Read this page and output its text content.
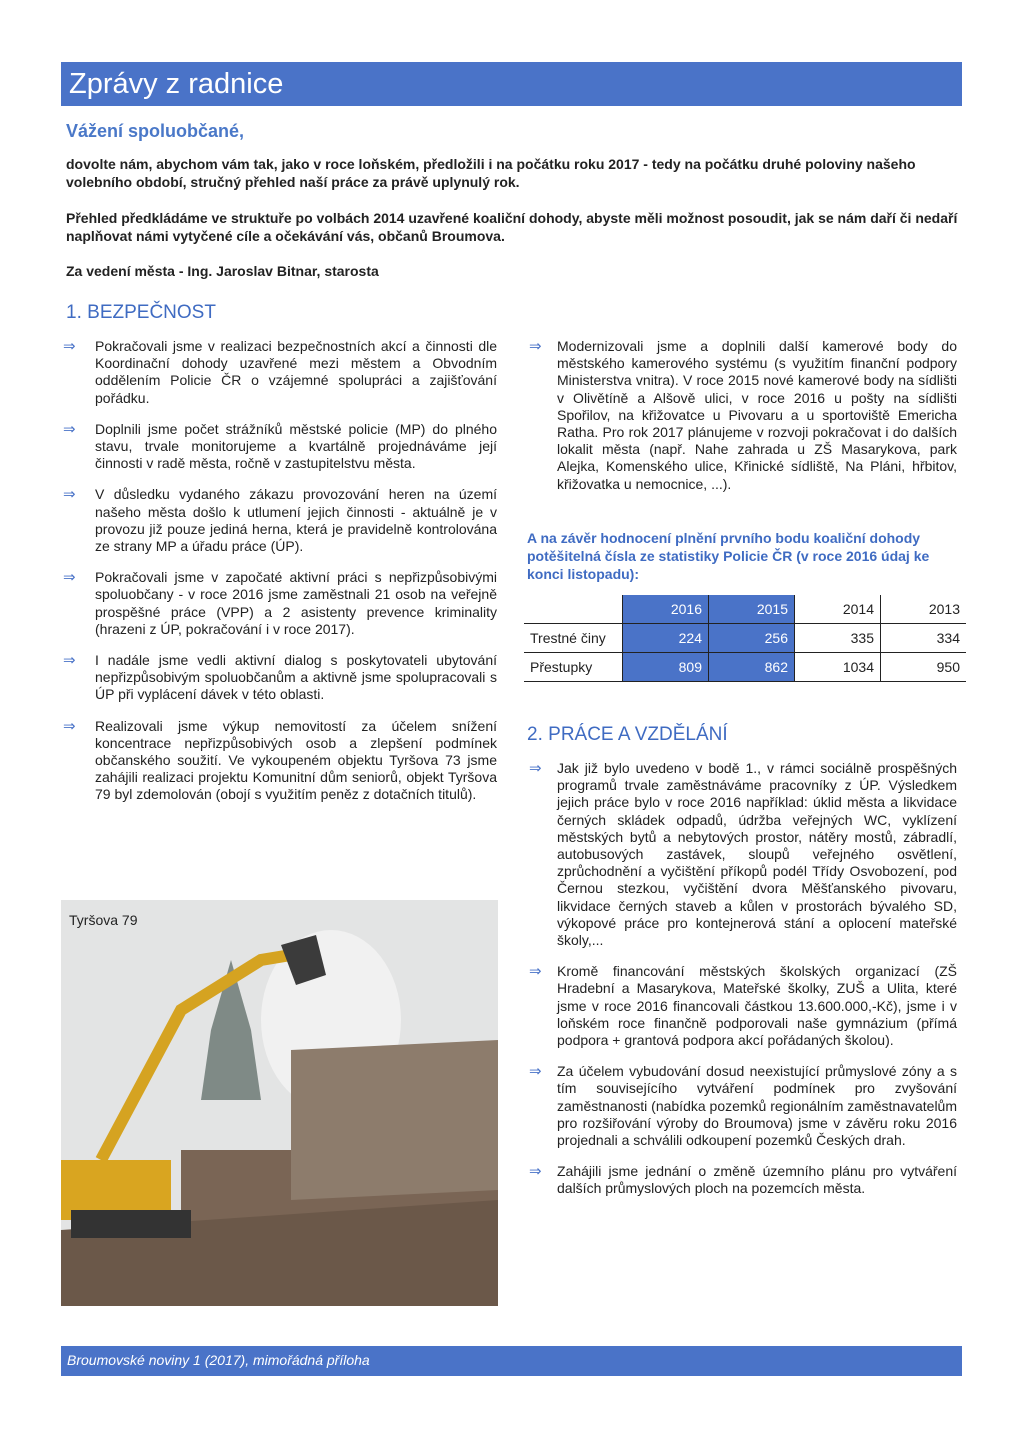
Zprávy z radnice
Vážení spoluobčané,
dovolte nám, abychom vám tak, jako v roce loňském, předložili i na počátku roku 2017 - tedy na počátku druhé poloviny našeho volebního období, stručný přehled naší práce za právě uplynulý rok.
Přehled předkládáme ve struktuře po volbách 2014 uzavřené koaliční dohody, abyste měli možnost posoudit, jak se nám daří či nedaří naplňovat námi vytyčené cíle a očekávání vás, občanů Broumova.
Za vedení města - Ing. Jaroslav Bitnar, starosta
1. BEZPEČNOST
⇒ Pokračovali jsme v realizaci bezpečnostních akcí a činnosti dle Koordinační dohody uzavřené mezi městem a Obvodním oddělením Policie ČR o vzájemné spolupráci a zajišťování pořádku.
⇒ Doplnili jsme počet strážníků městské policie (MP) do plného stavu, trvale monitorujeme a kvartálně projednáváme její činnosti v radě města, ročně v zastupitelstvu města.
⇒ V důsledku vydaného zákazu provozování heren na území našeho města došlo k utlumení jejich činnosti - aktuálně je v provozu již pouze jediná herna, která je pravidelně kontrolována ze strany MP a úřadu práce (ÚP).
⇒ Pokračovali jsme v započaté aktivní práci s nepřizpůsobivými spoluobčany - v roce 2016 jsme zaměstnali 21 osob na veřejně prospěšné práce (VPP) a 2 asistenty prevence kriminality (hrazeni z ÚP, pokračování i v roce 2017).
⇒ I nadále jsme vedli aktivní dialog s poskytovateli ubytování nepřizpůsobivým spoluobčanům a aktivně jsme spolupracovali s ÚP při vyplácení dávek v této oblasti.
⇒ Realizovali jsme výkup nemovitostí za účelem snížení koncentrace nepřizpůsobivých osob a zlepšení podmínek občanského soužití. Ve vykoupeném objektu Tyršova 73 jsme zahájili realizaci projektu Komunitní dům seniorů, objekt Tyršova 79 byl zdemolován (obojí s využitím peněz z dotačních titulů).
Tyršova 79
⇒ Modernizovali jsme a doplnili další kamerové body do městského kamerového systému (s využitím finanční podpory Ministerstva vnitra). V roce 2015 nové kamerové body na sídlišti v Olivětíně a Alšově ulici, v roce 2016 u pošty na sídlišti Spořilov, na křižovatce u Pivovaru a u sportoviště Emericha Ratha. Pro rok 2017 plánujeme v rozvoji pokračovat i do dalších lokalit města (např. Nahe zahrada u ZŠ Masarykova, park Alejka, Komenského ulice, Křinické sídliště, Na Pláni, hřbitov, křižovatka u nemocnice, ...).
A na závěr hodnocení plnění prvního bodu koaliční dohody potěšitelná čísla ze statistiky Policie ČR (v roce 2016 údaj ke konci listopadu):
	2016	2015	2014	2013
Trestné činy	224	256	335	334
Přestupky	809	862	1034	950
2. PRÁCE A VZDĚLÁNÍ
⇒ Jak již bylo uvedeno v bodě 1., v rámci sociálně prospěšných programů trvale zaměstnáváme pracovníky z ÚP. Výsledkem jejich práce bylo v roce 2016 například: úklid města a likvidace černých skládek odpadů, údržba veřejných WC, vyklízení městských bytů a nebytových prostor, nátěry mostů, zábradlí, autobusových zastávek, sloupů veřejného osvětlení, zprůchodnění a vyčištění příkopů podél Třídy Osvobození, pod Černou stezkou, vyčištění dvora Měšťanského pivovaru, likvidace černých staveb a kůlen v prostorách bývalého SD, výkopové práce pro kontejnerová stání a oplocení mateřské školy,...
⇒ Kromě financování městských školských organizací (ZŠ Hradební a Masarykova, Mateřské školky, ZUŠ a Ulita, které jsme v roce 2016 financovali částkou 13.600.000,-Kč), jsme i v loňském roce finančně podporovali naše gymnázium (přímá podpora + grantová podpora akcí pořádaných školou).
⇒ Za účelem vybudování dosud neexistující průmyslové zóny a s tím souvisejícího vytváření podmínek pro zvyšování zaměstnanosti (nabídka pozemků regionálním zaměstnavatelům pro rozšiřování výroby do Broumova) jsme v závěru roku 2016 projednali a schválili odkoupení pozemků Českých drah.
⇒ Zahájili jsme jednání o změně územního plánu pro vytváření dalších průmyslových ploch na pozemcích města.
Broumovské noviny 1 (2017), mimořádná příloha
